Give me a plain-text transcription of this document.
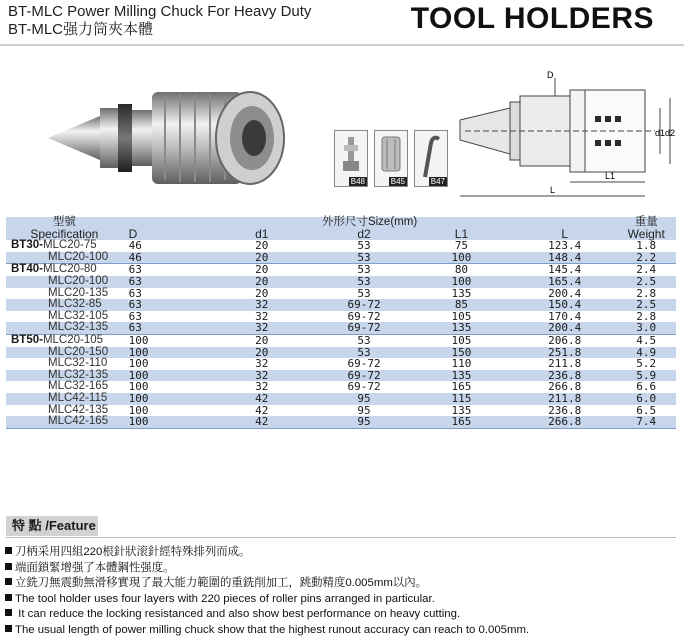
BT-MLC Power Milling Chuck For Heavy Duty
BT-MLC强力筒夾本體	TOOL HOLDERS
B48	B45	B47
D
d1 d2
L1
L
型號	外形尺寸Size(mm)					重量
Specification	D	d1	d2	L1	L	Weight
BT30-MLC20-75	46	20	53	75	123.4	1.8
MLC20-100	46	20	53	100	148.4	2.2
BT40-MLC20-80	63	20	53	80	145.4	2.4
MLC20-100	63	20	53	100	165.4	2.5
MLC20-135	63	20	53	135	200.4	2.8
MLC32-85	63	32	69-72	85	150.4	2.5
MLC32-105	63	32	69-72	105	170.4	2.8
MLC32-135	63	32	69-72	135	200.4	3.0
BT50-MLC20-105	100	20	53	105	206.8	4.5
MLC20-150	100	20	53	150	251.8	4.9
MLC32-110	100	32	69-72	110	211.8	5.2
MLC32-135	100	32	69-72	135	236.8	5.9
MLC32-165	100	32	69-72	165	266.8	6.6
MLC42-115	100	42	95	115	211.8	6.0
MLC42-135	100	42	95	135	236.8	6.5
MLC42-165	100	42	95	165	266.8	7.4
特 點 /Feature
刀柄采用四組220根針狀滚針經特殊排列而成。
端面鎖緊增强了本體鋼性强度。
立銑刀無震動無滑移實現了最大能力範圍的重銑削加工，跳動精度0.005mm以內。
The tool holder uses four layers with 220 pieces of roller pins arranged in particular.
It can reduce the locking resistanced and also show best performance on heavy cutting.
The usual length of power milling chuck show that the highest runout accuracy can reach to 0.005mm.
